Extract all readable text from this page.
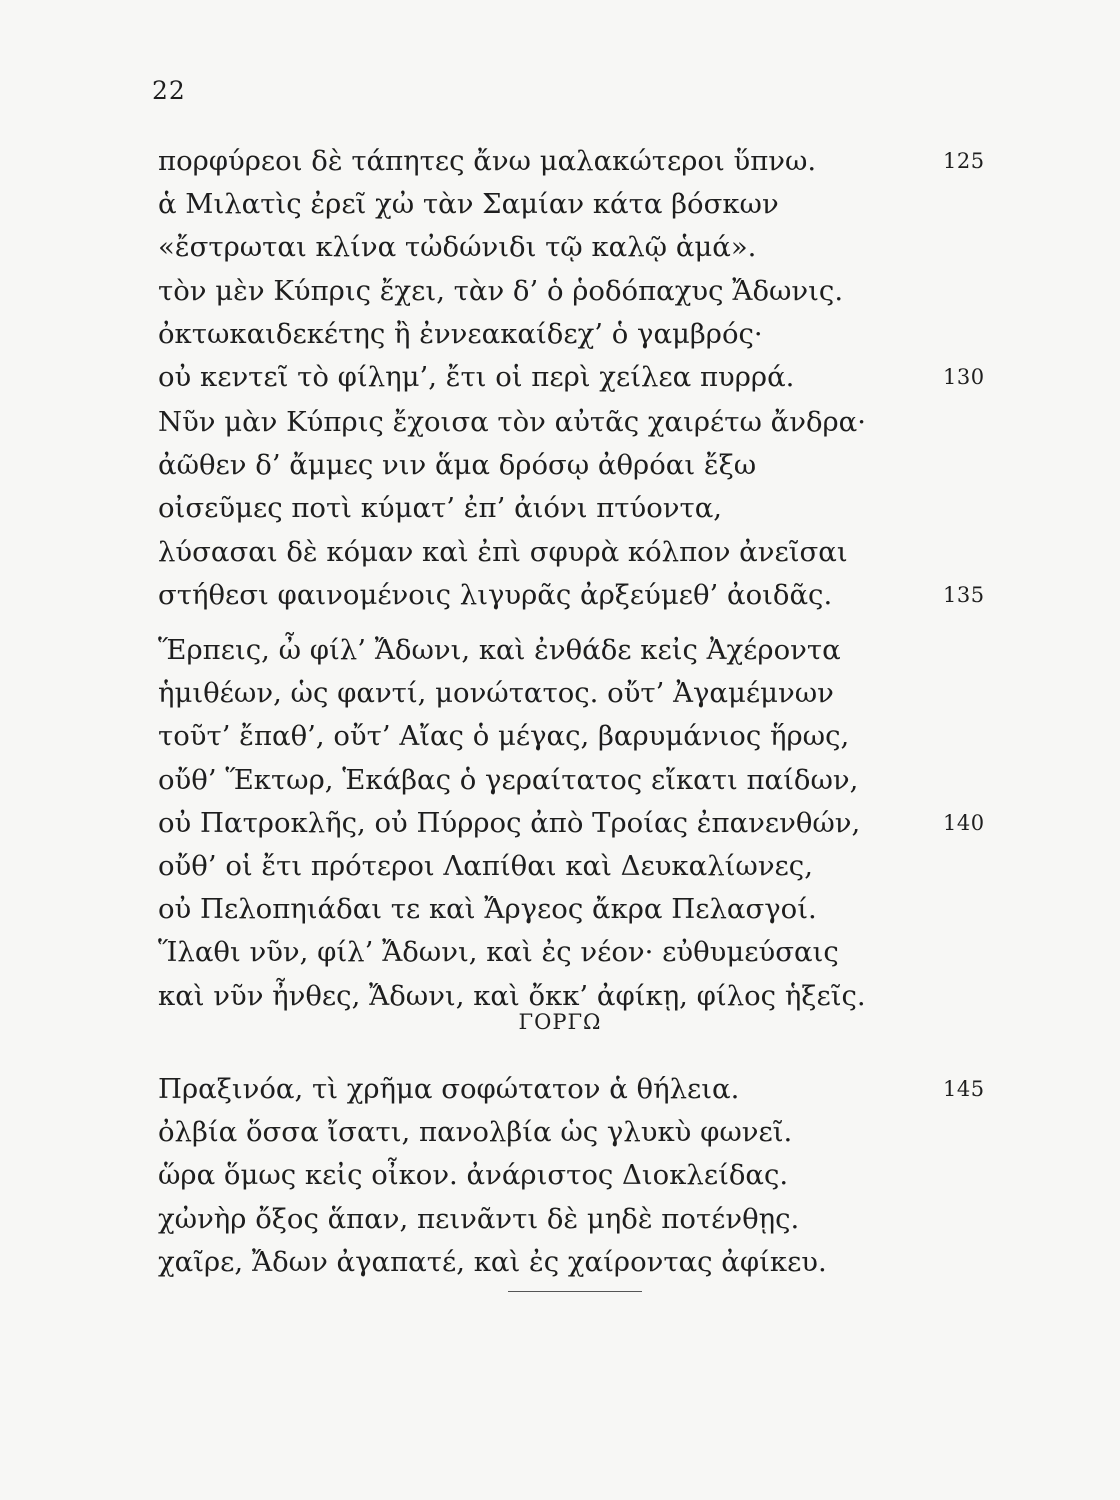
22
πορφύρεοι δὲ τάπητες ἄνω μαλακώτεροι ὕπνω.	125
ἁ Μιλατὶς ἐρεῖ χὠ τὰν Σαμίαν κάτα βόσκων
«ἔστρωται κλίνα τὠδώνιδι τῷ καλῷ ἁμά».
τὸν μὲν Κύπρις ἔχει, τὰν δ’ ὁ ῥοδόπαχυς Ἄδωνις.
ὀκτωκαιδεκέτης ἢ ἐννεακαίδεχ’ ὁ γαμβρός·
οὐ κεντεῖ τὸ φίλημ’, ἔτι οἱ περὶ χείλεα πυρρά.	130
Νῦν μὰν Κύπρις ἔχοισα τὸν αὐτᾶς χαιρέτω ἄνδρα·
ἀῶθεν δ’ ἄμμες νιν ἅμα δρόσῳ ἀθρόαι ἔξω
οἰσεῦμες ποτὶ κύματ’ ἐπ’ ἀιόνι πτύοντα,
λύσασαι δὲ κόμαν καὶ ἐπὶ σφυρὰ κόλπον ἀνεῖσαι
στήθεσι φαινομένοις λιγυρᾶς ἀρξεύμεθ’ ἀοιδᾶς.	135
Ἕρπεις, ὦ φίλ’ Ἄδωνι, καὶ ἐνθάδε κεἰς Ἀχέροντα
ἡμιθέων, ὡς φαντί, μονώτατος. οὔτ’ Ἀγαμέμνων
τοῦτ’ ἔπαθ’, οὔτ’ Αἴας ὁ μέγας, βαρυμάνιος ἥρως,
οὔθ’ Ἕκτωρ, Ἑκάβας ὁ γεραίτατος εἴκατι παίδων,
οὐ Πατροκλῆς, οὐ Πύρρος ἀπὸ Τροίας ἐπανενθών,	140
οὔθ’ οἱ ἔτι πρότεροι Λαπίθαι καὶ Δευκαλίωνες,
οὐ Πελοπηιάδαι τε καὶ Ἄργεος ἄκρα Πελασγοί.
Ἵλαθι νῦν, φίλ’ Ἄδωνι, καὶ ἐς νέον· εὐθυμεύσαις
καὶ νῦν ἦνθες, Ἄδωνι, καὶ ὄκκ’ ἀφίκῃ, φίλος ἡξεῖς.
ΓΟΡΓΩ
Πραξινόα, τὶ χρῆμα σοφώτατον ἁ θήλεια.	145
ὀλβία ὅσσα ἴσατι, πανολβία ὡς γλυκὺ φωνεῖ.
ὥρα ὅμως κεἰς οἶκον. ἀνάριστος Διοκλείδας.
χὠνὴρ ὄξος ἅπαν, πεινᾶντι δὲ μηδὲ ποτένθῃς.
χαῖρε, Ἄδων ἀγαπατέ, καὶ ἐς χαίροντας ἀφίκευ.
